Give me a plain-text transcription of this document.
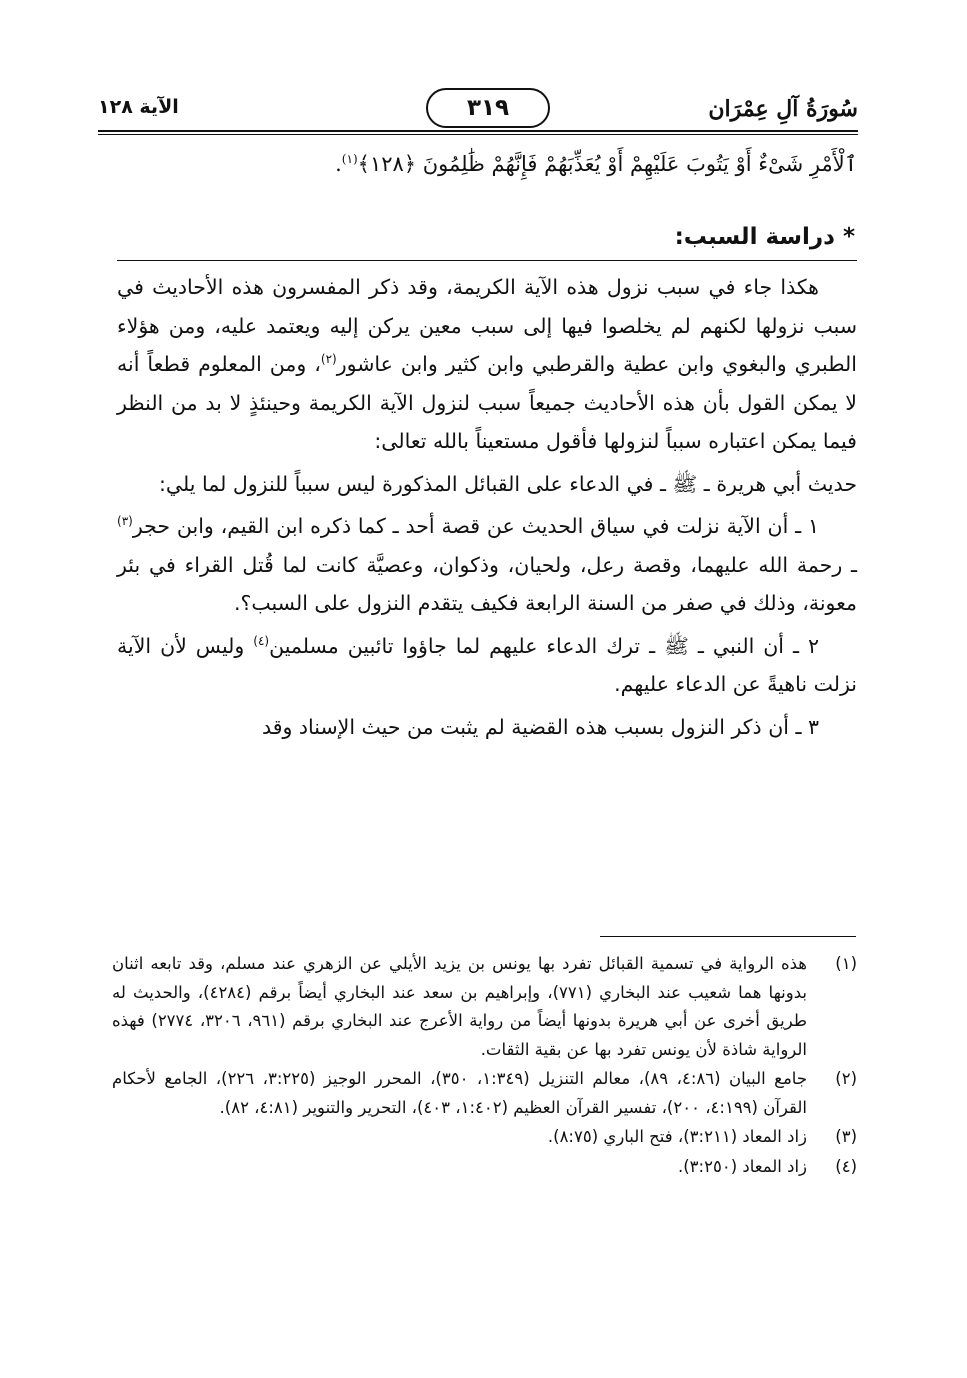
سُورَةُ آلِ عِمْرَان
٣١٩
الآية ١٢٨
ٱلْأَمْرِ شَىْءٌ أَوْ يَتُوبَ عَلَيْهِمْ أَوْ يُعَذِّبَهُمْ فَإِنَّهُمْ ظَٰلِمُونَ ﴿١٢٨﴾$^{(١)}$.
* دراسة السبب:

هكذا جاء في سبب نزول هذه الآية الكريمة، وقد ذكر المفسرون هذه الأحاديث في سبب نزولها لكنهم لم يخلصوا فيها إلى سبب معين يركن إليه ويعتمد عليه، ومن هؤلاء الطبري والبغوي وابن عطية والقرطبي وابن كثير وابن عاشور$^{(٢)}$، ومن المعلوم قطعاً أنه لا يمكن القول بأن هذه الأحاديث جميعاً سبب لنزول الآية الكريمة وحينئذٍ لا بد من النظر فيما يمكن اعتباره سبباً لنزولها فأقول مستعيناً بالله تعالى:

حديث أبي هريرة ـ ﷺ ـ في الدعاء على القبائل المذكورة ليس سبباً للنزول لما يلي:

١ ـ أن الآية نزلت في سياق الحديث عن قصة أحد ـ كما ذكره ابن القيم، وابن حجر$^{(٣)}$ ـ رحمة الله عليهما، وقصة رعل، ولحيان، وذكوان، وعصيَّة كانت لما قُتل القراء في بئر معونة، وذلك في صفر من السنة الرابعة فكيف يتقدم النزول على السبب؟.

٢ ـ أن النبي ـ ﷺ ـ ترك الدعاء عليهم لما جاؤوا تائبين مسلمين$^{(٤)}$ وليس لأن الآية نزلت ناهيةً عن الدعاء عليهم.

٣ ـ أن ذكر النزول بسبب هذه القضية لم يثبت من حيث الإسناد وقد

(١)
هذه الرواية في تسمية القبائل تفرد بها يونس بن يزيد الأيلي عن الزهري عند مسلم، وقد تابعه اثنان بدونها هما شعيب عند البخاري (٧٧١)، وإبراهيم بن سعد عند البخاري أيضاً برقم (٤٢٨٤)، والحديث له طريق أخرى عن أبي هريرة بدونها أيضاً من رواية الأعرج عند البخاري برقم (٩٦١، ٣٢٠٦، ٢٧٧٤) فهذه الرواية شاذة لأن يونس تفرد بها عن بقية الثقات.
(٢)
جامع البيان (٤:٨٦، ٨٩)، معالم التنزيل (١:٣٤٩، ٣٥٠)، المحرر الوجيز (٣:٢٢٥، ٢٢٦)، الجامع لأحكام القرآن (٤:١٩٩، ٢٠٠)، تفسير القرآن العظيم (١:٤٠٢، ٤٠٣)، التحرير والتنوير (٤:٨١، ٨٢).
(٣)
زاد المعاد (٣:٢١١)، فتح الباري (٨:٧٥).
(٤)
زاد المعاد (٣:٢٥٠).
